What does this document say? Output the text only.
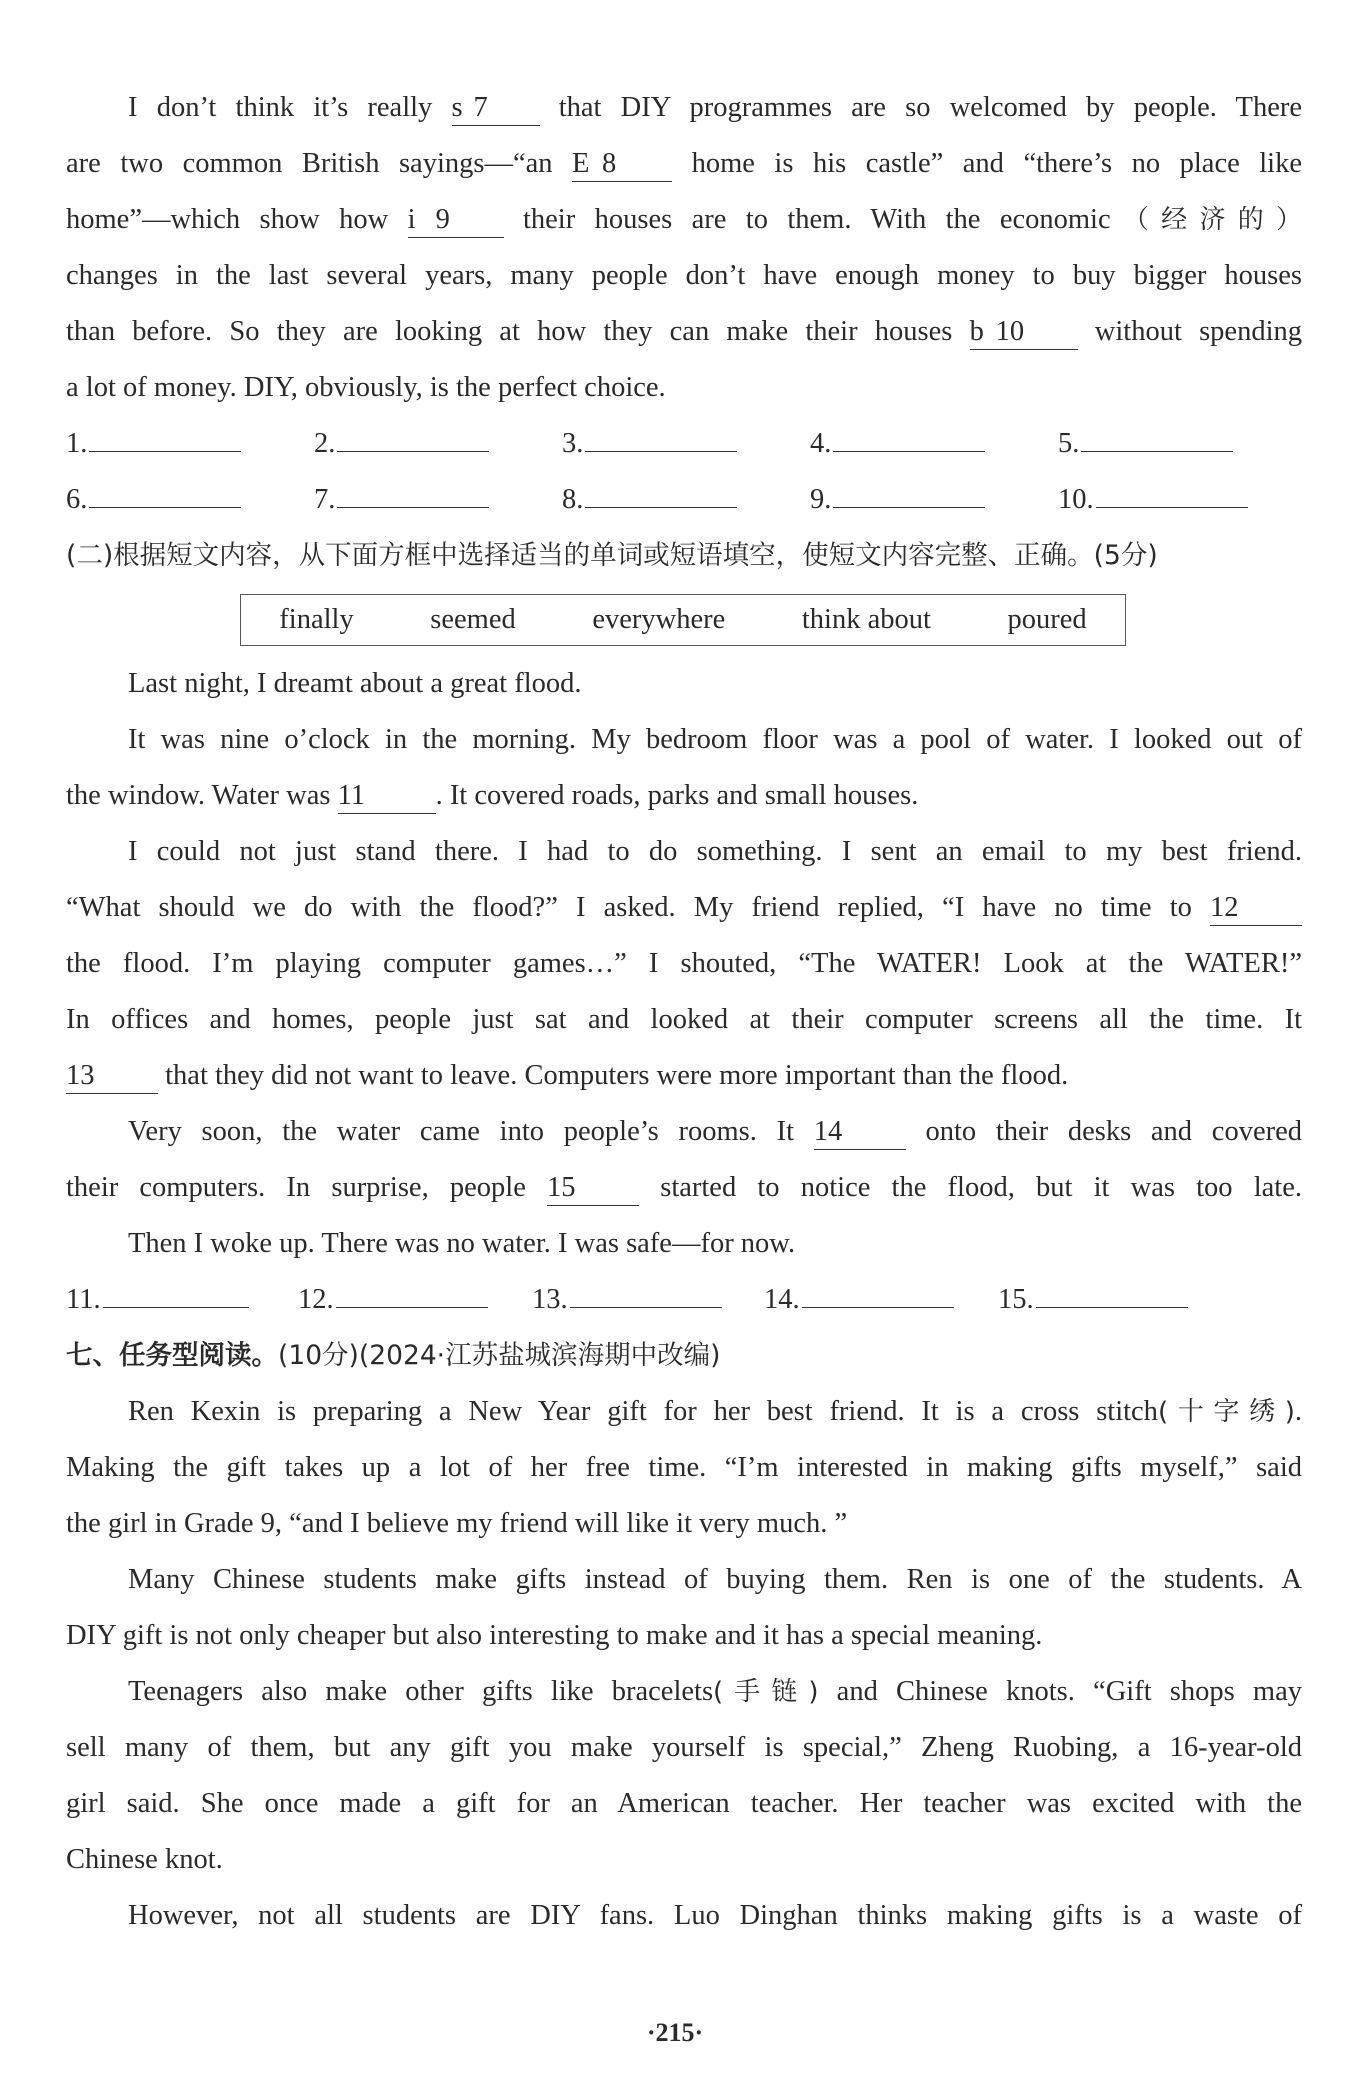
I don’t think it’s really s 7 that DIY programmes are so welcomed by people. There
are two common British sayings—“an E 8 home is his castle” and “there’s no place like
home”—which show how i 9 their houses are to them. With the economic（经济的）
changes in the last several years, many people don’t have enough money to buy bigger houses
than before. So they are looking at how they can make their houses b 10 without spending
a lot of money. DIY, obviously, is the perfect choice.
1.	2.	3.	4.	5.
6.	7.	8.	9.	10.
(二)根据短文内容，从下面方框中选择适当的单词或短语填空，使短文内容完整、正确。(5分)
finally	seemed	everywhere	think about	poured
Last night, I dreamt about a great flood.
It was nine o’clock in the morning. My bedroom floor was a pool of water. I looked out of
the window. Water was 11 . It covered roads, parks and small houses.
I could not just stand there. I had to do something. I sent an email to my best friend.
“What should we do with the flood?” I asked. My friend replied, “I have no time to 12
the flood. I’m playing computer games…” I shouted, “The WATER! Look at the WATER!”
In offices and homes, people just sat and looked at their computer screens all the time. It
13 that they did not want to leave. Computers were more important than the flood.
Very soon, the water came into people’s rooms. It 14 onto their desks and covered
their computers. In surprise, people 15 started to notice the flood, but it was too late.
Then I woke up. There was no water. I was safe—for now.
11.	12.	13.	14.	15.
七、任务型阅读。(10分)(2024·江苏盐城滨海期中改编)
Ren Kexin is preparing a New Year gift for her best friend. It is a cross stitch(十字绣).
Making the gift takes up a lot of her free time. “I’m interested in making gifts myself,” said
the girl in Grade 9, “and I believe my friend will like it very much. ”
Many Chinese students make gifts instead of buying them. Ren is one of the students. A
DIY gift is not only cheaper but also interesting to make and it has a special meaning.
Teenagers also make other gifts like bracelets(手链) and Chinese knots. “Gift shops may
sell many of them, but any gift you make yourself is special,” Zheng Ruobing, a 16-year-old
girl said. She once made a gift for an American teacher. Her teacher was excited with the
Chinese knot.
However, not all students are DIY fans. Luo Dinghan thinks making gifts is a waste of
·215·
